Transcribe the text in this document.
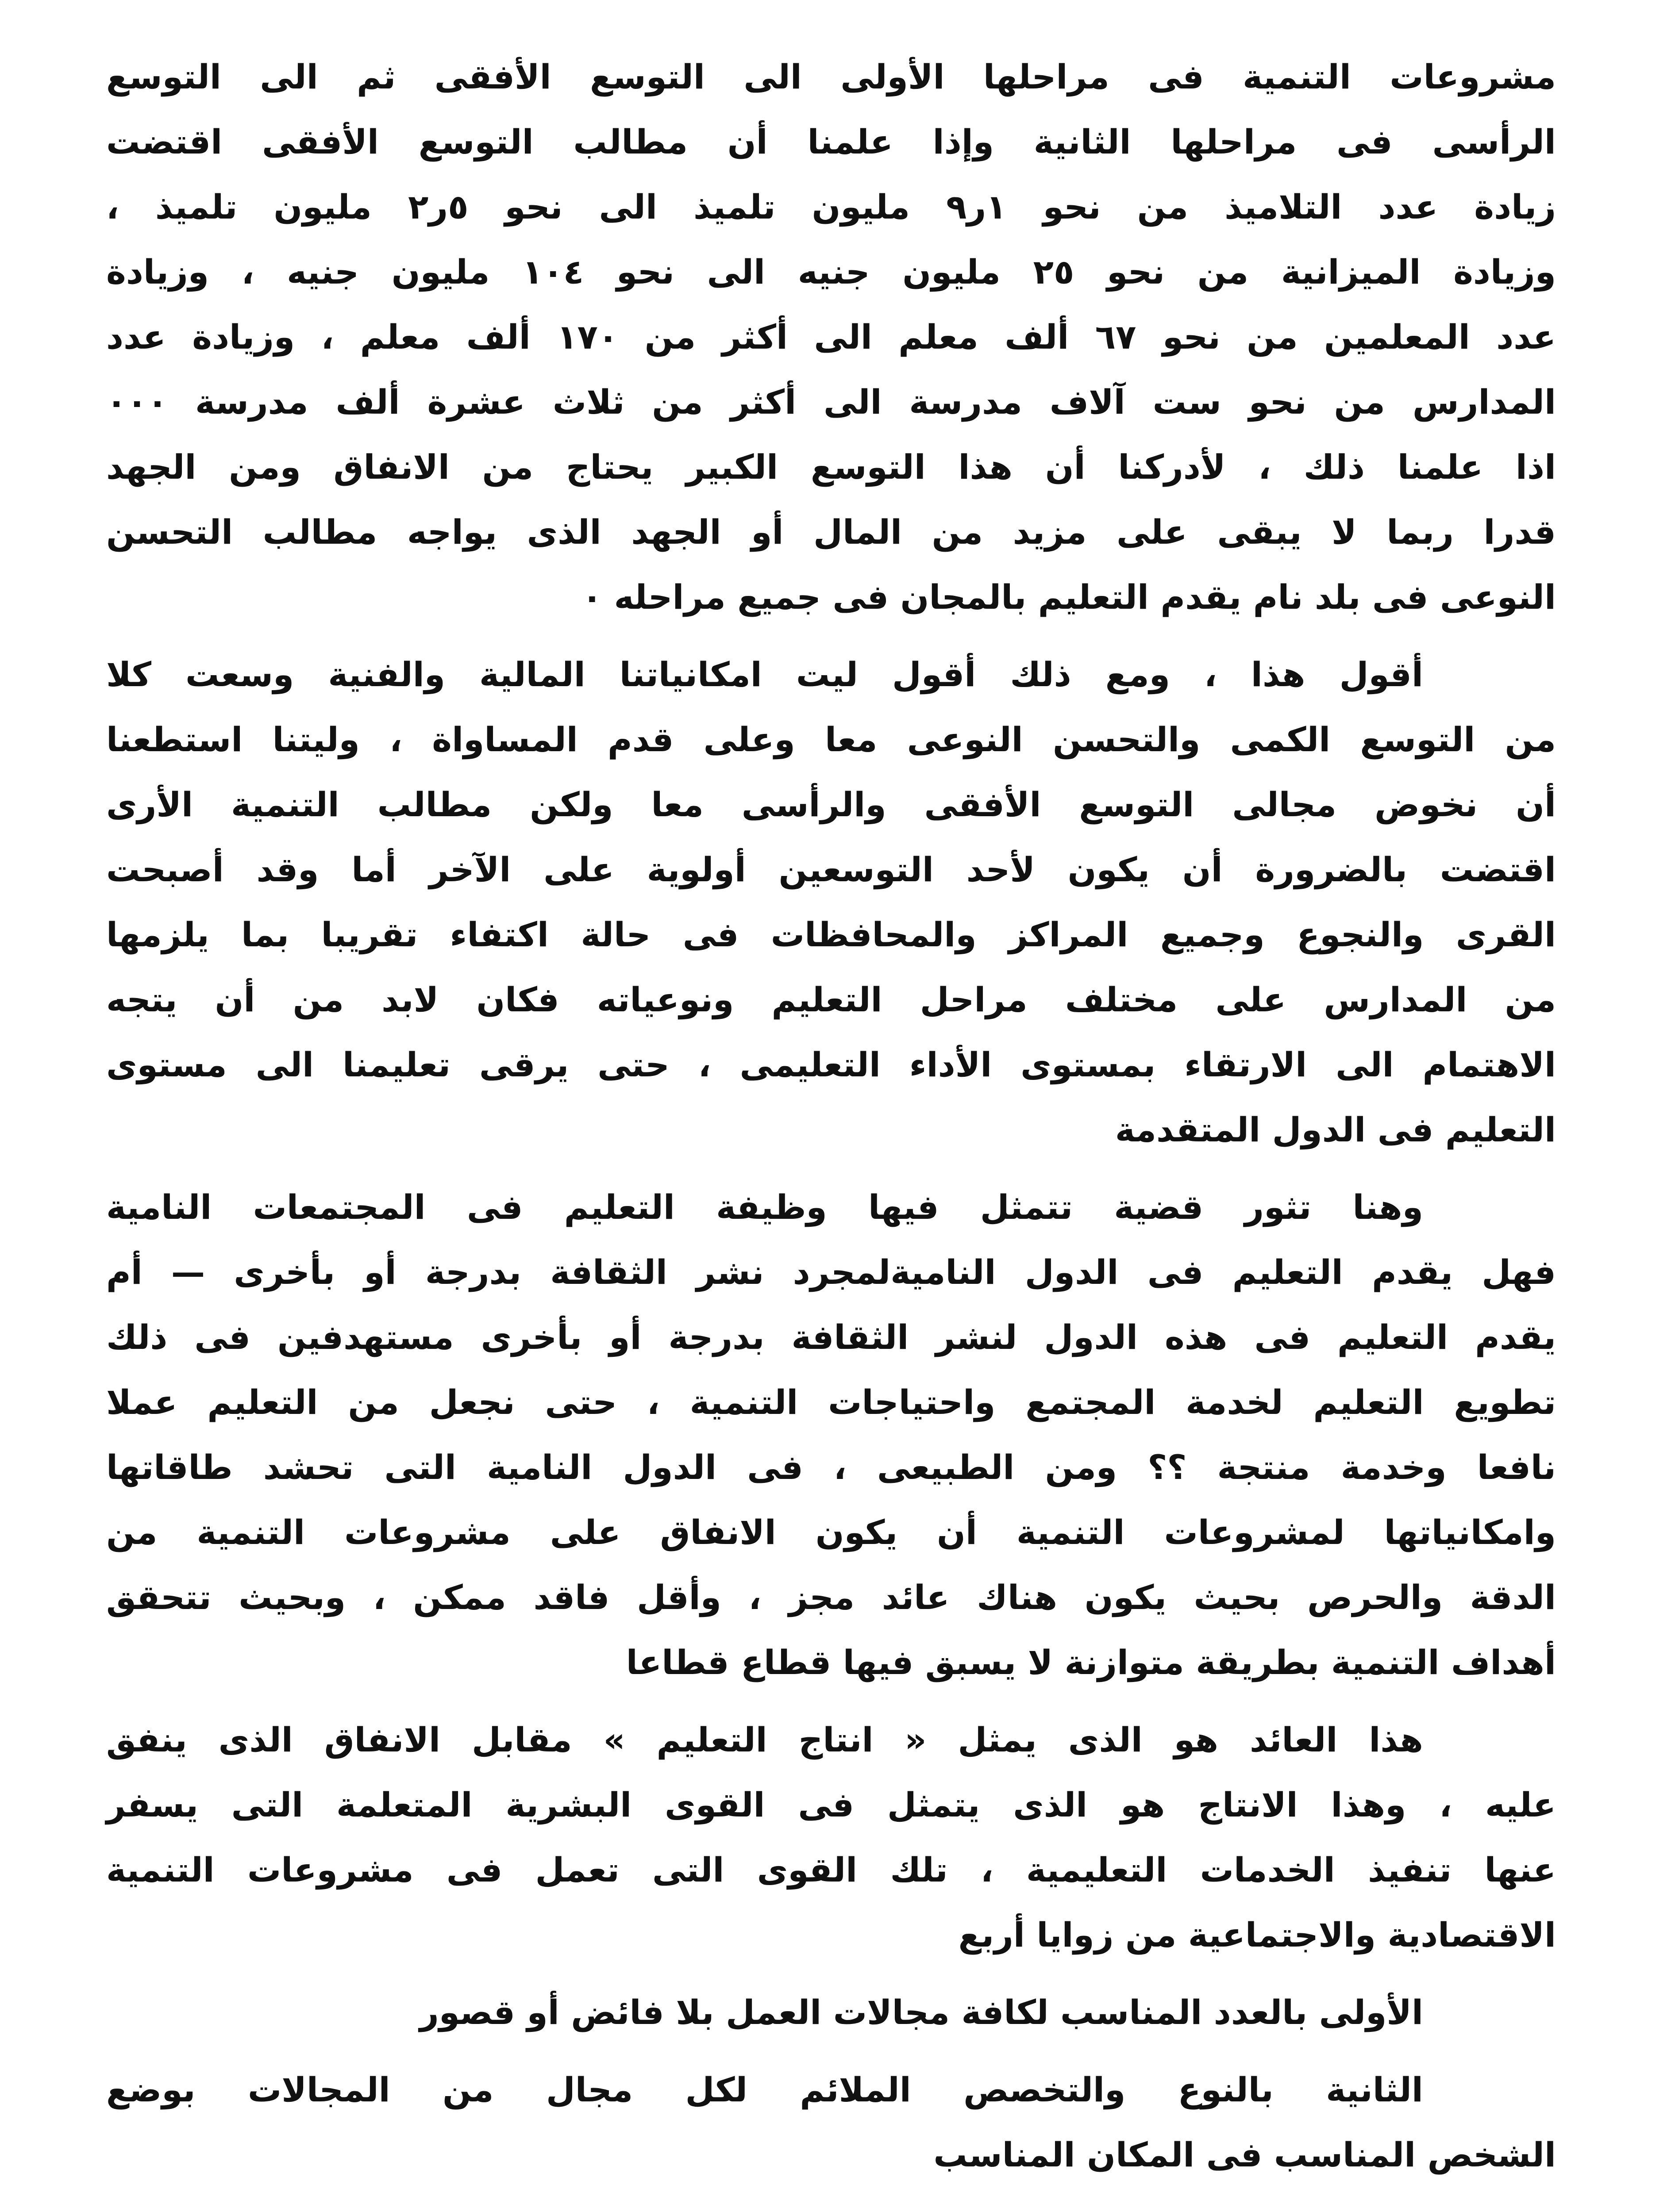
مشروعات التنمية فى مراحلها الأولى الى التوسع الأفقى ثم الى التوسع
الرأسى فى مراحلها الثانية وإذا علمنا أن مطالب التوسع الأفقى اقتضت
زيادة عدد التلاميذ من نحو ١ر٩ مليون تلميذ الى نحو ٥ر٢ مليون تلميذ ،
وزيادة الميزانية من نحو ٢٥ مليون جنيه الى نحو ١٠٤ مليون جنيه ، وزيادة
عدد المعلمين من نحو ٦٧ ألف معلم الى أكثر من ١٧٠ ألف معلم ، وزيادة عدد
المدارس من نحو ست آلاف مدرسة الى أكثر من ثلاث عشرة ألف مدرسة ٠٠٠
اذا علمنا ذلك ، لأدركنا أن هذا التوسع الكبير يحتاج من الانفاق ومن الجهد
قدرا ربما لا يبقى على مزيد من المال أو الجهد الذى يواجه مطالب التحسن
النوعى فى بلد نام يقدم التعليم بالمجان فى جميع مراحله ٠
أقول هذا ، ومع ذلك أقول ليت امكانياتنا المالية والفنية وسعت كلا
من التوسع الكمى والتحسن النوعى معا وعلى قدم المساواة ، وليتنا استطعنا
أن نخوض مجالى التوسع الأفقى والرأسى معا ولكن مطالب التنمية الأرى
اقتضت بالضرورة أن يكون لأحد التوسعين أولوية على الآخر أما وقد أصبحت
القرى والنجوع وجميع المراكز والمحافظات فى حالة اكتفاء تقريبا بما يلزمها
من المدارس على مختلف مراحل التعليم ونوعياته فكان لابد من أن يتجه
الاهتمام الى الارتقاء بمستوى الأداء التعليمى ، حتى يرقى تعليمنا الى مستوى
التعليم فى الدول المتقدمة
وهنا تثور قضية تتمثل فيها وظيفة التعليم فى المجتمعات النامية
فهل يقدم التعليم فى الدول الناميةلمجرد نشر الثقافة بدرجة أو بأخرى — أم
يقدم التعليم فى هذه الدول لنشر الثقافة بدرجة أو بأخرى مستهدفين فى ذلك
تطويع التعليم لخدمة المجتمع واحتياجات التنمية ، حتى نجعل من التعليم عملا
نافعا وخدمة منتجة ؟؟ ومن الطبيعى ، فى الدول النامية التى تحشد طاقاتها
وامكانياتها لمشروعات التنمية أن يكون الانفاق على مشروعات التنمية من
الدقة والحرص بحيث يكون هناك عائد مجز ، وأقل فاقد ممكن ، وبحيث تتحقق
أهداف التنمية بطريقة متوازنة لا يسبق فيها قطاع قطاعا
هذا العائد هو الذى يمثل « انتاج التعليم » مقابل الانفاق الذى ينفق
عليه ، وهذا الانتاج هو الذى يتمثل فى القوى البشرية المتعلمة التى يسفر
عنها تنفيذ الخدمات التعليمية ، تلك القوى التى تعمل فى مشروعات التنمية
الاقتصادية والاجتماعية من زوايا أربع
الأولى بالعدد المناسب لكافة مجالات العمل بلا فائض أو قصور
الثانية بالنوع والتخصص الملائم لكل مجال من المجالات بوضع
الشخص المناسب فى المكان المناسب
